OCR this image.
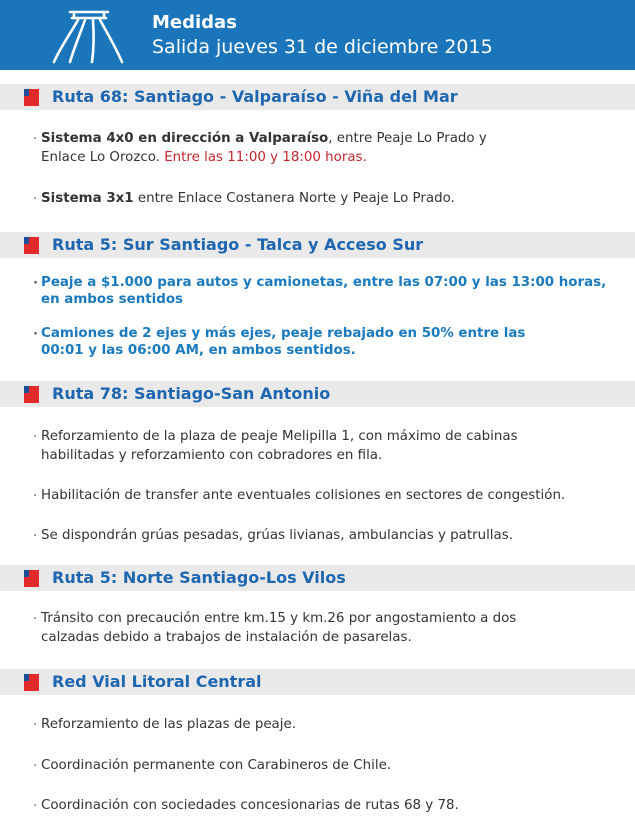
Medidas
Salida jueves 31 de diciembre 2015
Ruta 68: Santiago - Valparaíso - Viña del Mar
· Sistema 4x0 en dirección a Valparaíso, entre Peaje Lo Prado y
Enlace Lo Orozco. Entre las 11:00 y 18:00 horas.
· Sistema 3x1 entre Enlace Costanera Norte y Peaje Lo Prado.
Ruta 5: Sur Santiago - Talca y Acceso Sur
· Peaje a $1.000 para autos y camionetas, entre las 07:00 y las 13:00 horas,
en ambos sentidos
· Camiones de 2 ejes y más ejes, peaje rebajado en 50% entre las
00:01 y las 06:00 AM, en ambos sentidos.
Ruta 78: Santiago-San Antonio
· Reforzamiento de la plaza de peaje Melipilla 1, con máximo de cabinas
habilitadas y reforzamiento con cobradores en fila.
· Habilitación de transfer ante eventuales colisiones en sectores de congestión.
· Se dispondrán grúas pesadas, grúas livianas, ambulancias y patrullas.
Ruta 5: Norte Santiago-Los Vilos
· Tránsito con precaución entre km.15 y km.26 por angostamiento a dos
calzadas debido a trabajos de instalación de pasarelas.
Red Vial Litoral Central
· Reforzamiento de las plazas de peaje.
· Coordinación permanente con Carabineros de Chile.
· Coordinación con sociedades concesionarias de rutas 68 y 78.
